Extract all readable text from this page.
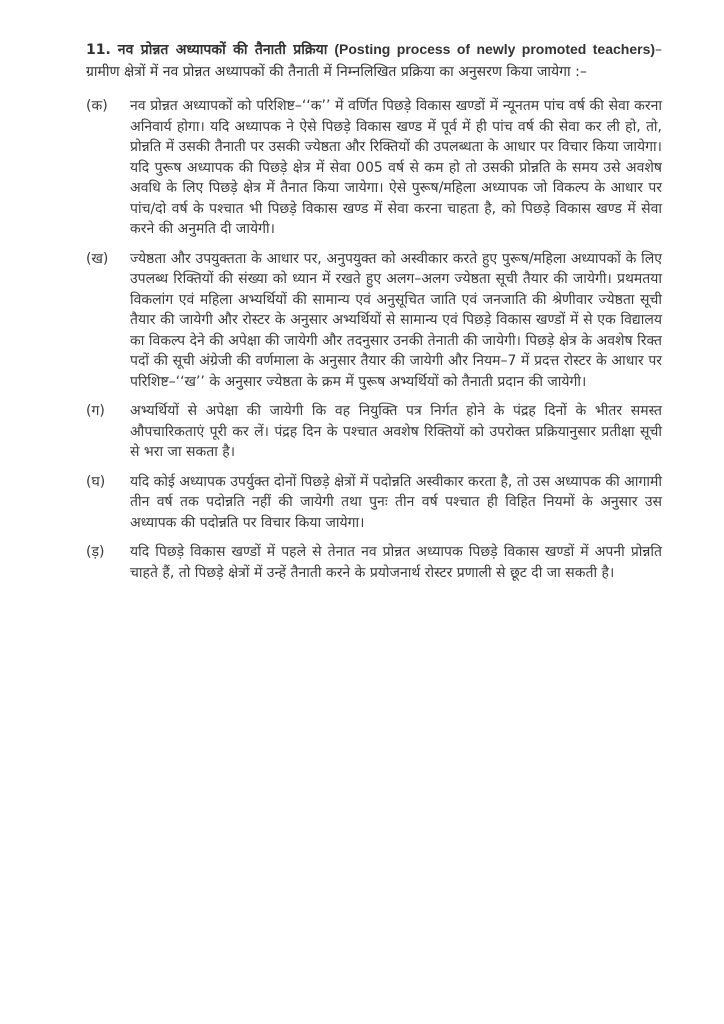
11. नव प्रोन्नत अध्यापकों की तैनाती प्रक्रिया (Posting process of newly promoted teachers)–ग्रामीण क्षेत्रों में नव प्रोन्नत अध्यापकों की तैनाती में निम्नलिखित प्रक्रिया का अनुसरण किया जायेगा :–

(क)	नव प्रोन्नत अध्यापकों को परिशिष्ट–‘‘क’’ में वर्णित पिछड़े विकास खण्डों में न्यूनतम पांच वर्ष की सेवा करना अनिवार्य होगा। यदि अध्यापक ने ऐसे पिछड़े विकास खण्ड में पूर्व में ही पांच वर्ष की सेवा कर ली हो, तो, प्रोन्नति में उसकी तैनाती पर उसकी ज्येष्ठता और रिक्तियों की उपलब्धता के आधार पर विचार किया जायेगा। यदि पुरूष अध्यापक की पिछड़े क्षेत्र में सेवा 005 वर्ष से कम हो तो उसकी प्रोन्नति के समय उसे अवशेष अवधि के लिए पिछड़े क्षेत्र में तैनात किया जायेगा। ऐसे पुरूष/महिला अध्यापक जो विकल्प के आधार पर पांच/दो वर्ष के पश्चात भी पिछड़े विकास खण्ड में सेवा करना चाहता है, को पिछड़े विकास खण्ड में सेवा करने की अनुमति दी जायेगी।

(ख)	ज्येष्ठता और उपयुक्तता के आधार पर, अनुपयुक्त को अस्वीकार करते हुए पुरूष/महिला अध्यापकों के लिए उपलब्ध रिक्तियों की संख्या को ध्यान में रखते हुए अलग–अलग ज्येष्ठता सूची तैयार की जायेगी। प्रथमतया विकलांग एवं महिला अभ्यर्थियों की सामान्य एवं अनुसूचित जाति एवं जनजाति की श्रेणीवार ज्येष्ठता सूची तैयार की जायेगी और रोस्टर के अनुसार अभ्यर्थियों से सामान्य एवं पिछड़े विकास खण्डों में से एक विद्यालय का विकल्प देने की अपेक्षा की जायेगी और तदनुसार उनकी तेनाती की जायेगी। पिछड़े क्षेत्र के अवशेष रिक्त पदों की सूची अंग्रेजी की वर्णमाला के अनुसार तैयार की जायेगी और नियम–7 में प्रदत्त रोस्टर के आधार पर परिशिष्ट–‘‘ख’’ के अनुसार ज्येष्ठता के क्रम में पुरूष अभ्यर्थियों को तैनाती प्रदान की जायेगी।

(ग)	अभ्यर्थियों से अपेक्षा की जायेगी कि वह नियुक्ति पत्र निर्गत होने के पंद्रह दिनों के भीतर समस्त औपचारिकताएं पूरी कर लें। पंद्रह दिन के पश्चात अवशेष रिक्तियों को उपरोक्त प्रक्रियानुसार प्रतीक्षा सूची से भरा जा सकता है।

(घ)	यदि कोई अध्यापक उपर्युक्त दोनों पिछड़े क्षेत्रों में पदोन्नति अस्वीकार करता है, तो उस अध्यापक की आगामी तीन वर्ष तक पदोन्नति नहीं की जायेगी तथा पुनः तीन वर्ष पश्चात ही विहित नियमों के अनुसार उस अध्यापक की पदोन्नति पर विचार किया जायेगा।

(ड़)	यदि पिछड़े विकास खण्डों में पहले से तेनात नव प्रोन्नत अध्यापक पिछड़े विकास खण्डों में अपनी प्रोन्नति चाहते हैं, तो पिछड़े क्षेत्रों में उन्हें तैनाती करने के प्रयोजनार्थ रोस्टर प्रणाली से छूट दी जा सकती है।
